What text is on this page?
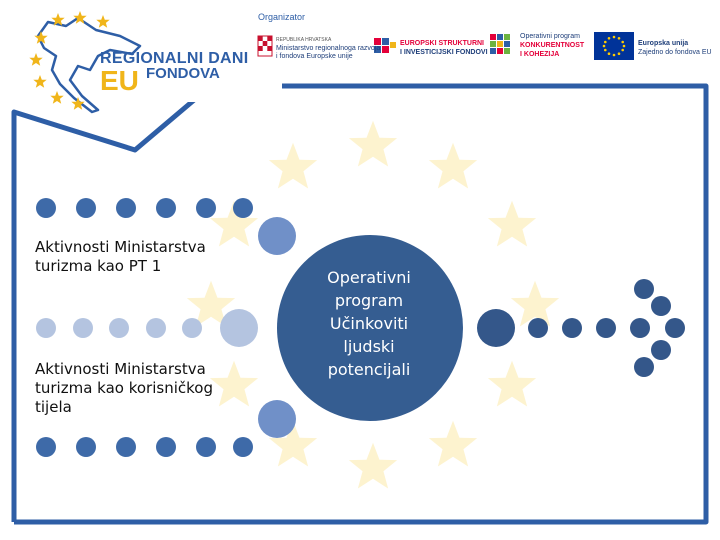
REGIONALNI DANI
EU FONDOVA
Organizator
REPUBLIKA HRVATSKA
Ministarstvo regionalnoga razvoja
i fondova Europske unije
EUROPSKI STRUKTURNI
I INVESTICIJSKI FONDOVI
Operativni program
KONKURENTNOST
I KOHEZIJA
Europska unija
Zajedno do fondova EU
Aktivnosti Ministarstva turizma kao PT 1
Aktivnosti Ministarstva turizma kao korisničkog tijela
Operativni program Učinkoviti ljudski potencijali
